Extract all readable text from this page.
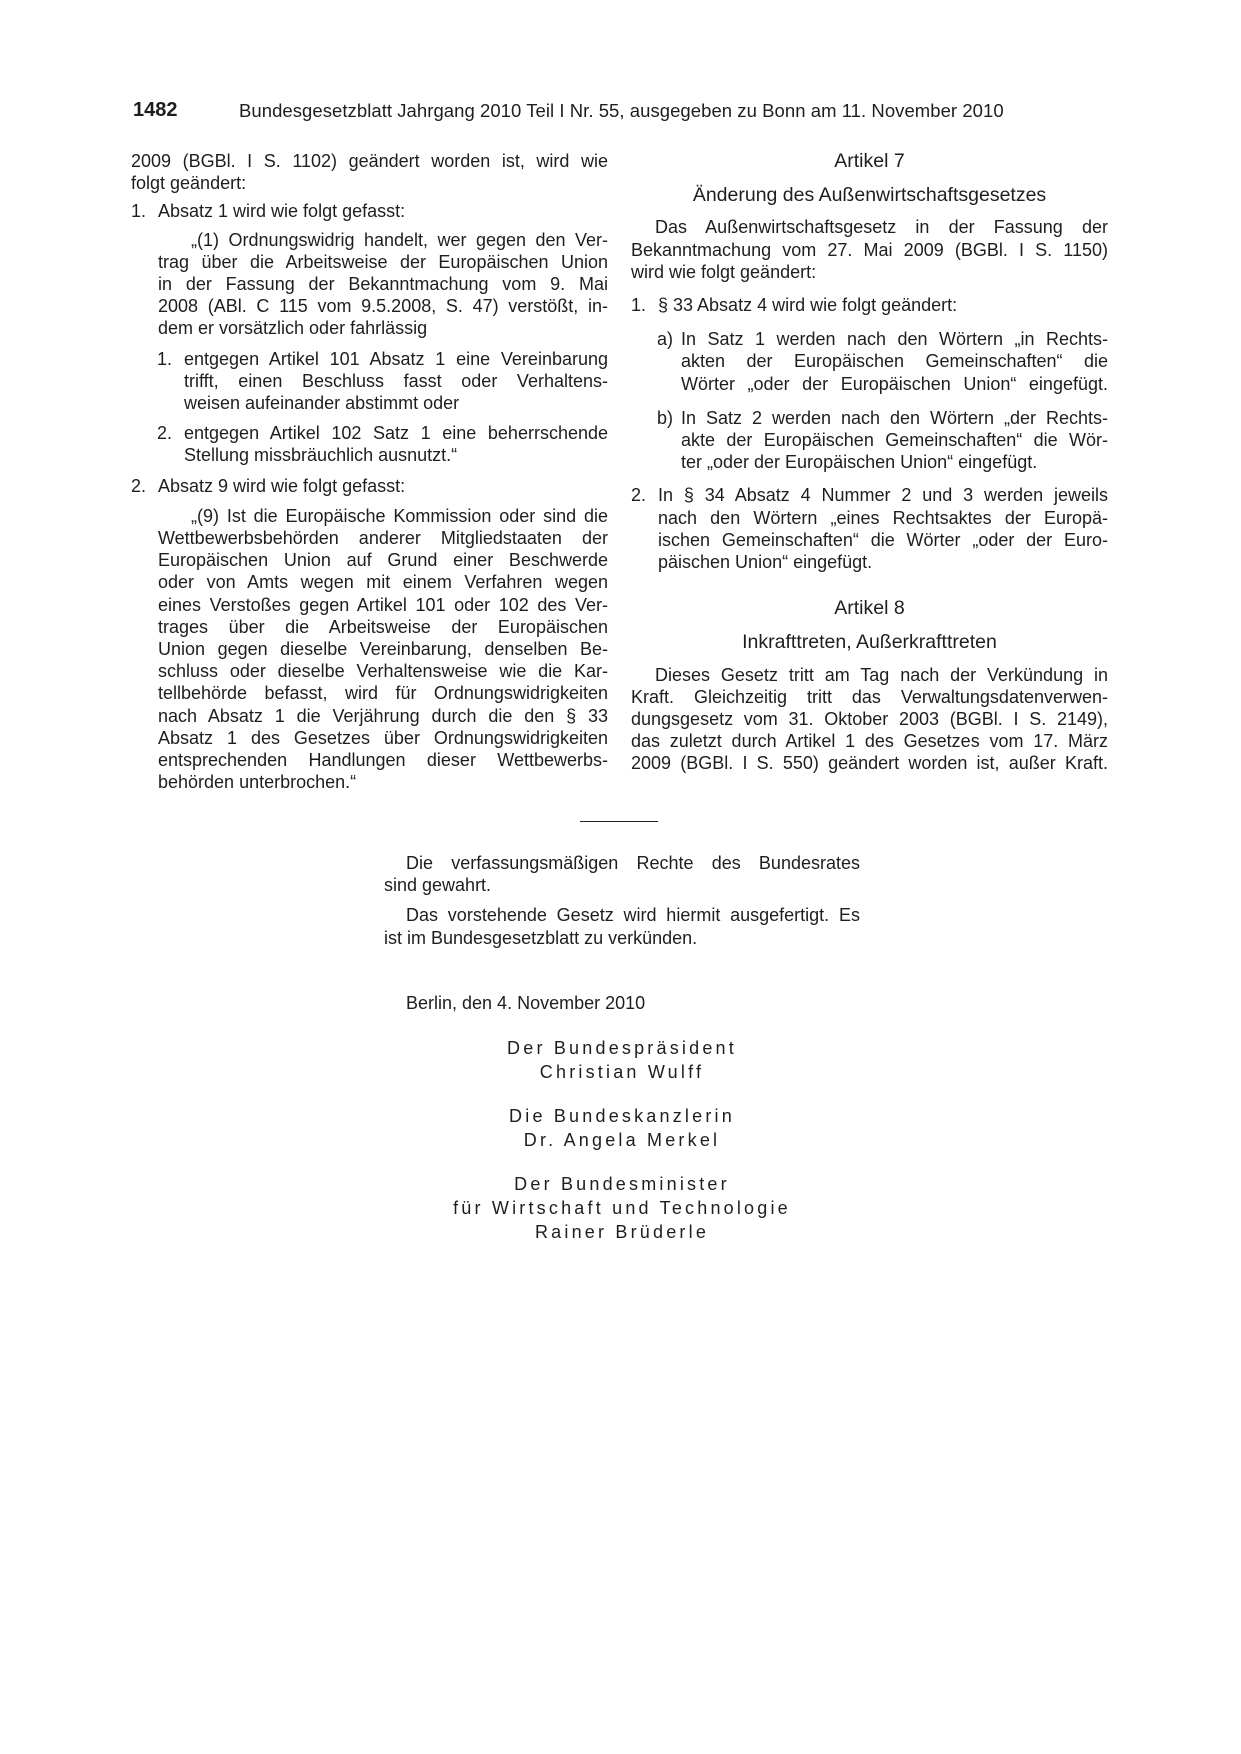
1482	Bundesgesetzblatt Jahrgang 2010 Teil I Nr. 55, ausgegeben zu Bonn am 11. November 2010

2009 (BGBl. I S. 1102) geändert worden ist, wird wie

folgt geändert:

1. Absatz 1 wird wie folgt gefasst:

„(1) Ordnungswidrig handelt, wer gegen den Ver-

trag über die Arbeitsweise der Europäischen Union

in der Fassung der Bekanntmachung vom 9. Mai

2008 (ABl. C 115 vom 9.5.2008, S. 47) verstößt, in-

dem er vorsätzlich oder fahrlässig

1. entgegen Artikel 101 Absatz 1 eine Vereinbarung

trifft, einen Beschluss fasst oder Verhaltens-

weisen aufeinander abstimmt oder

2. entgegen Artikel 102 Satz 1 eine beherrschende

Stellung missbräuchlich ausnutzt.“

2. Absatz 9 wird wie folgt gefasst:

„(9) Ist die Europäische Kommission oder sind die

Wettbewerbsbehörden anderer Mitgliedstaaten der

Europäischen Union auf Grund einer Beschwerde

oder von Amts wegen mit einem Verfahren wegen

eines Verstoßes gegen Artikel 101 oder 102 des Ver-

trages über die Arbeitsweise der Europäischen

Union gegen dieselbe Vereinbarung, denselben Be-

schluss oder dieselbe Verhaltensweise wie die Kar-

tellbehörde befasst, wird für Ordnungswidrigkeiten

nach Absatz 1 die Verjährung durch die den § 33

Absatz 1 des Gesetzes über Ordnungswidrigkeiten

entsprechenden Handlungen dieser Wettbewerbs-

behörden unterbrochen.“

Artikel 7

Änderung des Außenwirtschaftsgesetzes

Das Außenwirtschaftsgesetz in der Fassung der

Bekanntmachung vom 27. Mai 2009 (BGBl. I S. 1150)

wird wie folgt geändert:

1. § 33 Absatz 4 wird wie folgt geändert:
a) In Satz 1 werden nach den Wörtern „in Rechts-

akten der Europäischen Gemeinschaften“ die

Wörter „oder der Europäischen Union“ eingefügt.

b) In Satz 2 werden nach den Wörtern „der Rechts-

akte der Europäischen Gemeinschaften“ die Wör-

ter „oder der Europäischen Union“ eingefügt.

2. In § 34 Absatz 4 Nummer 2 und 3 werden jeweils

nach den Wörtern „eines Rechtsaktes der Europä-

ischen Gemeinschaften“ die Wörter „oder der Euro-

päischen Union“ eingefügt.

Artikel 8

Inkrafttreten, Außerkrafttreten

Dieses Gesetz tritt am Tag nach der Verkündung in

Kraft. Gleichzeitig tritt das Verwaltungsdatenverwen-

dungsgesetz vom 31. Oktober 2003 (BGBl. I S. 2149),

das zuletzt durch Artikel 1 des Gesetzes vom 17. März

2009 (BGBl. I S. 550) geändert worden ist, außer Kraft.

Die verfassungsmäßigen Rechte des Bundesrates

sind gewahrt.

Das vorstehende Gesetz wird hiermit ausgefertigt. Es

ist im Bundesgesetzblatt zu verkünden.

Berlin, den 4. November 2010
Der Bundespräsident
Christian Wulff
Die Bundeskanzlerin
Dr. Angela Merkel
Der Bundesminister
für Wirtschaft und Technologie
Rainer Brüderle
